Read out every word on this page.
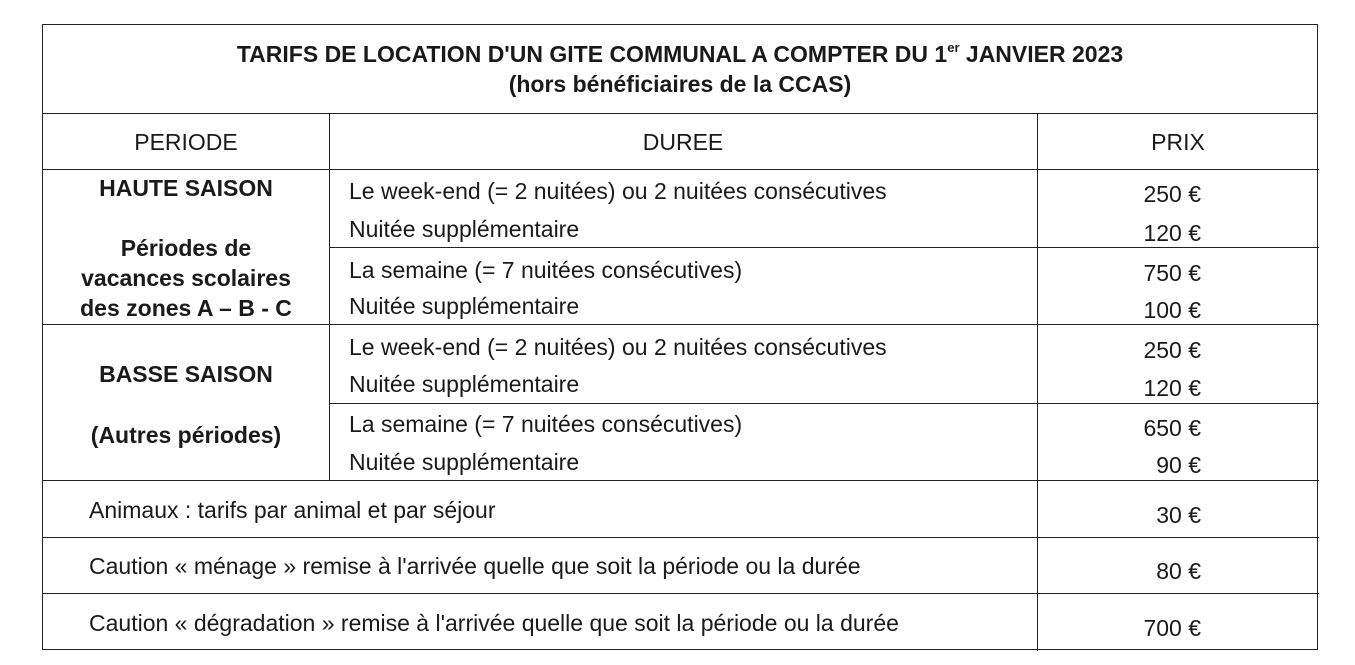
TARIFS DE LOCATION D'UN GITE COMMUNAL A COMPTER DU 1er JANVIER 2023
(hors bénéficiaires de la CCAS)
PERIODE	DUREE	PRIX
HAUTE SAISON
Périodes de
vacances scolaires
des zones A – B - C
Le week-end (= 2 nuitées) ou 2 nuitées consécutives	250 €
Nuitée supplémentaire	120 €
La semaine (= 7 nuitées consécutives)	750 €
Nuitée supplémentaire	100 €
BASSE SAISON
(Autres périodes)
Le week-end (= 2 nuitées) ou 2 nuitées consécutives	250 €
Nuitée supplémentaire	120 €
La semaine (= 7 nuitées consécutives)	650 €
Nuitée supplémentaire	90 €
Animaux : tarifs par animal et par séjour	30 €
Caution « ménage » remise à l'arrivée quelle que soit la période ou la durée	80 €
Caution « dégradation » remise à l'arrivée quelle que soit la période ou la durée	700 €
